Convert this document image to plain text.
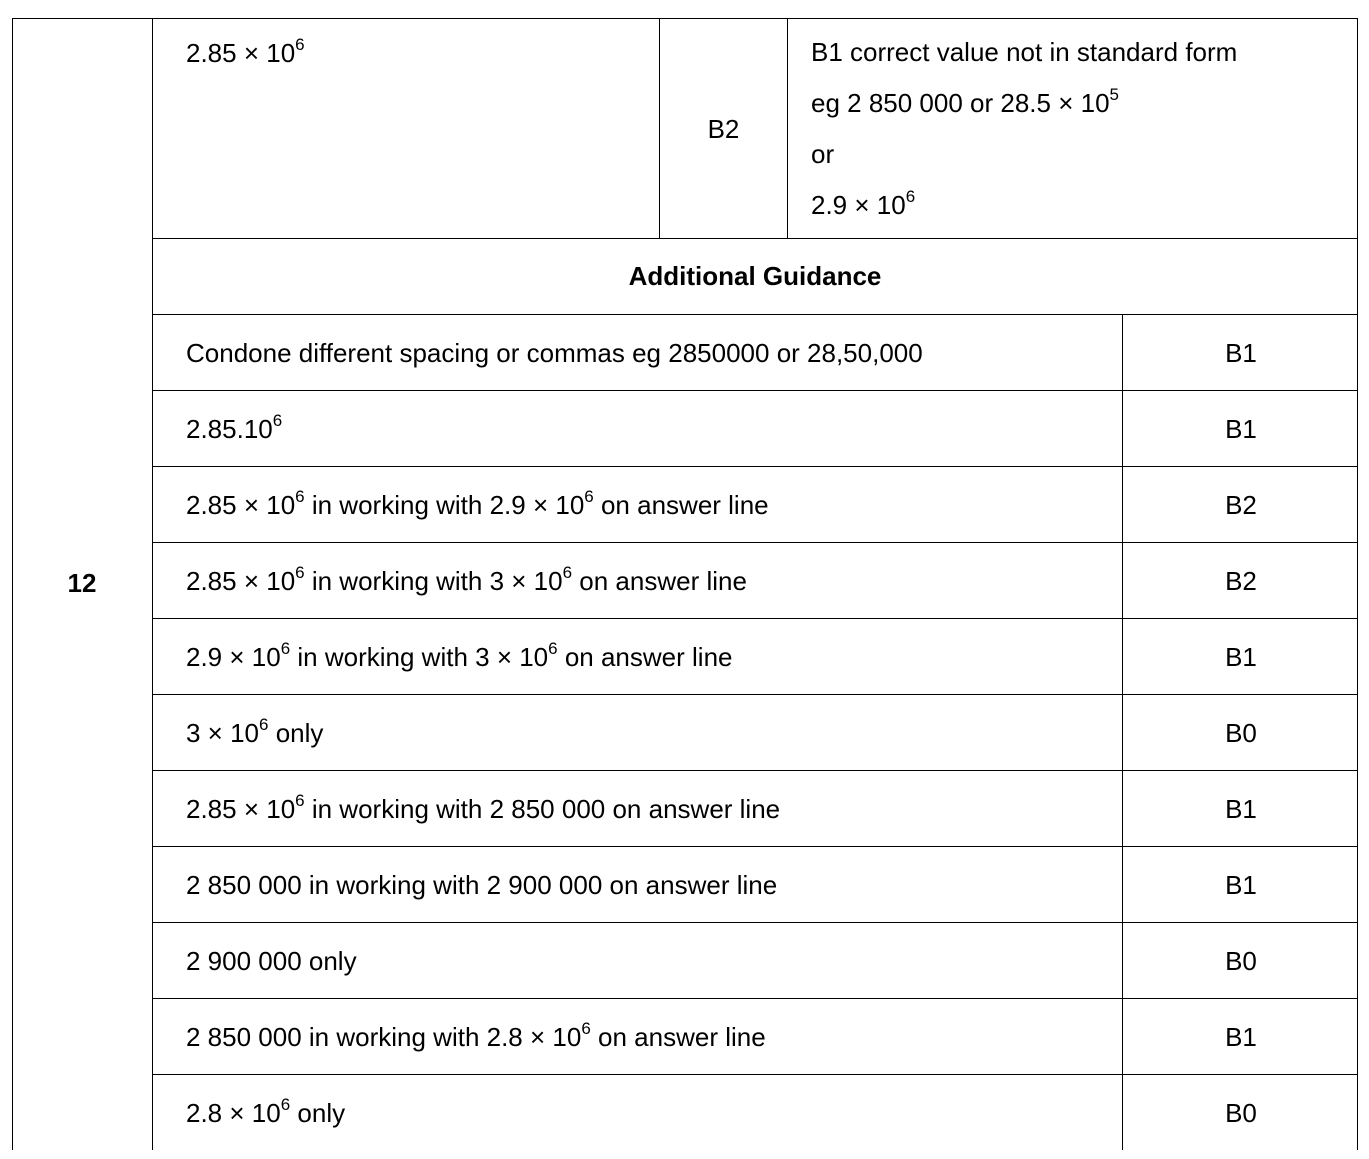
12
$2.85 \times 10^6$
B2
B1 correct value not in standard form
eg 2 850 000 or $28.5 \times 10^5$
or
$2.9 \times 10^6$
Additional Guidance
Condone different spacing or commas eg 2850000 or 28,50,000
2.85.10$^6$
$2.85 \times 10^6$ in working with $2.9 \times 10^6$ on answer line
$2.85 \times 10^6$ in working with $3 \times 10^6$ on answer line
$2.9 \times 10^6$ in working with $3 \times 10^6$ on answer line
$3 \times 10^6$ only
$2.85 \times 10^6$ in working with 2 850 000 on answer line
2 850 000 in working with 2 900 000 on answer line
2 900 000 only
2 850 000 in working with $2.8 \times 10^6$ on answer line
$2.8 \times 10^6$ only
B1
B1
B2
B2
B1
B0
B1
B1
B0
B1
B0
